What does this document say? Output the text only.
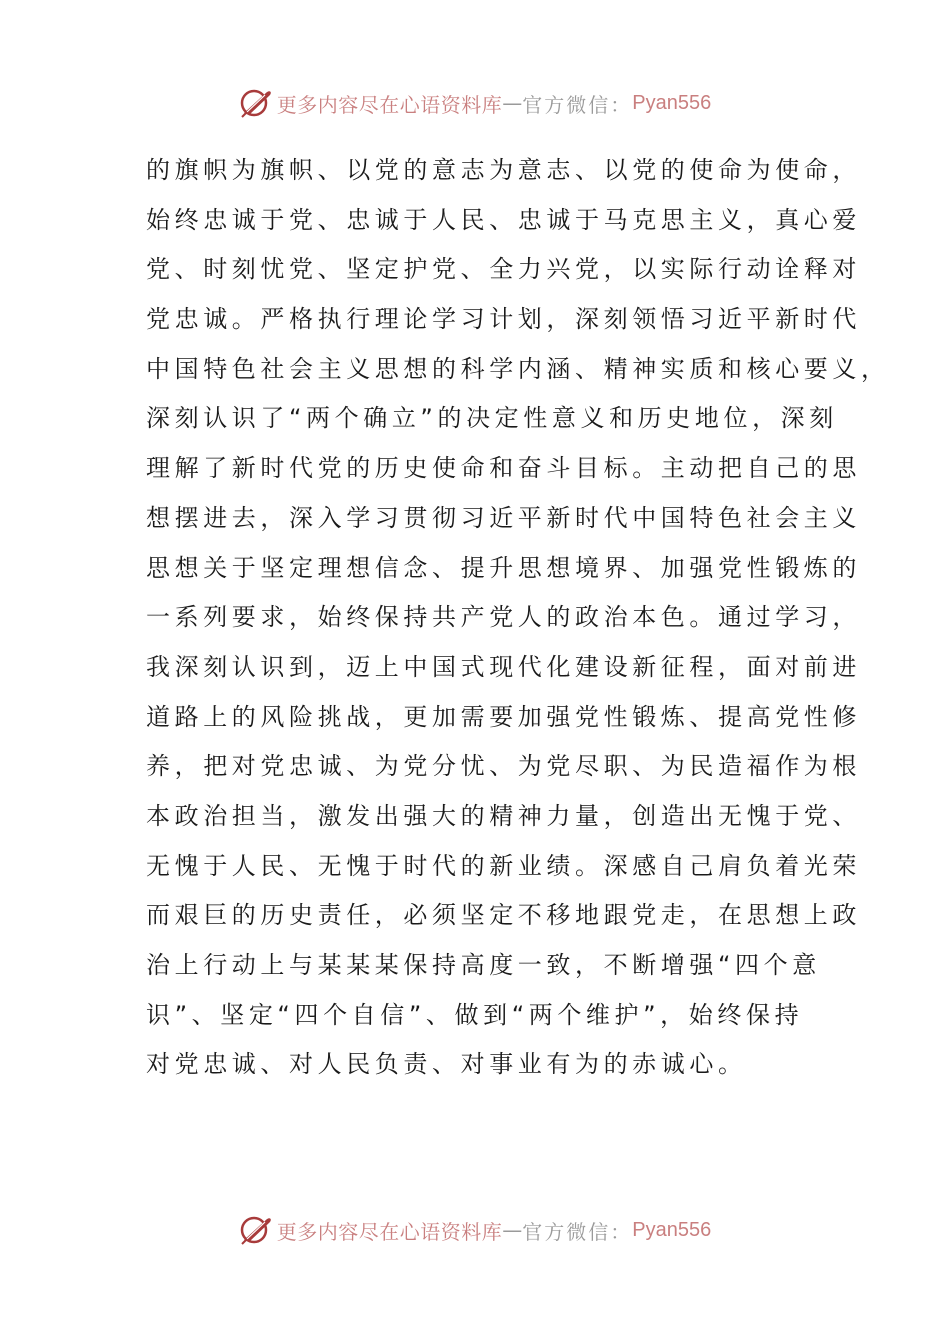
更多内容尽在心语资料库 — 官方微信： Pyan556
的旗帜为旗帜、以党的意志为意志、以党的使命为使命，
始终忠诚于党、忠诚于人民、忠诚于马克思主义，真心爱
党、时刻忧党、坚定护党、全力兴党，以实际行动诠释对
党忠诚。严格执行理论学习计划，深刻领悟习近平新时代
中国特色社会主义思想的科学内涵、精神实质和核心要义，
深刻认识了“两个确立”的决定性意义和历史地位，深刻
理解了新时代党的历史使命和奋斗目标。主动把自己的思
想摆进去，深入学习贯彻习近平新时代中国特色社会主义
思想关于坚定理想信念、提升思想境界、加强党性锻炼的
一系列要求，始终保持共产党人的政治本色。通过学习，
我深刻认识到，迈上中国式现代化建设新征程，面对前进
道路上的风险挑战，更加需要加强党性锻炼、提高党性修
养，把对党忠诚、为党分忧、为党尽职、为民造福作为根
本政治担当，激发出强大的精神力量，创造出无愧于党、
无愧于人民、无愧于时代的新业绩。深感自己肩负着光荣
而艰巨的历史责任，必须坚定不移地跟党走，在思想上政
治上行动上与某某某保持高度一致，不断增强“四个意
识”、坚定“四个自信”、做到“两个维护”，始终保持
对党忠诚、对人民负责、对事业有为的赤诚心。
更多内容尽在心语资料库 — 官方微信： Pyan556
